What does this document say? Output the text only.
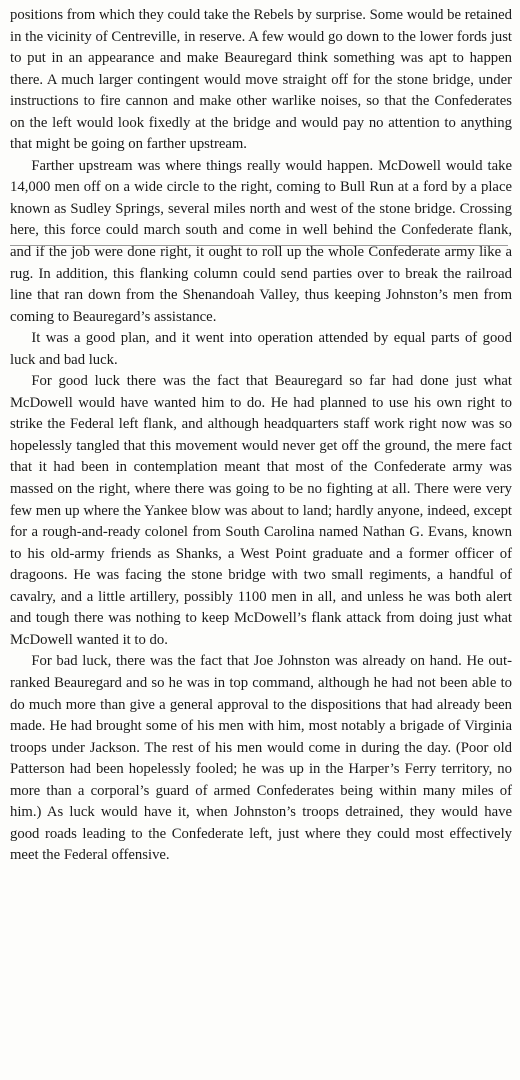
positions from which they could take the Rebels by surprise. Some would be retained in the vicinity of Centreville, in reserve. A few would go down to the lower fords just to put in an appearance and make Beauregard think something was apt to happen there. A much larger contingent would move straight off for the stone bridge, under instructions to fire cannon and make other warlike noises, so that the Confederates on the left would look fixedly at the bridge and would pay no attention to anything that might be going on farther upstream.

Farther upstream was where things really would happen. McDowell would take 14,000 men off on a wide circle to the right, coming to Bull Run at a ford by a place known as Sudley Springs, several miles north and west of the stone bridge. Crossing here, this force could march south and come in well behind the Confederate flank, and if the job were done right, it ought to roll up the whole Confederate army like a rug. In addition, this flanking column could send parties over to break the railroad line that ran down from the Shenandoah Valley, thus keeping Johnston’s men from coming to Beauregard’s assistance.

It was a good plan, and it went into operation attended by equal parts of good luck and bad luck.

For good luck there was the fact that Beauregard so far had done just what McDowell would have wanted him to do. He had planned to use his own right to strike the Federal left flank, and although headquarters staff work right now was so hopelessly tangled that this movement would never get off the ground, the mere fact that it had been in contemplation meant that most of the Confederate army was massed on the right, where there was going to be no fighting at all. There were very few men up where the Yankee blow was about to land; hardly anyone, indeed, except for a rough-and-ready colonel from South Carolina named Nathan G. Evans, known to his old-army friends as Shanks, a West Point graduate and a former officer of dragoons. He was facing the stone bridge with two small regiments, a handful of cavalry, and a little artillery, possibly 1100 men in all, and unless he was both alert and tough there was nothing to keep McDowell’s flank attack from doing just what McDowell wanted it to do.

For bad luck, there was the fact that Joe Johnston was already on hand. He out-ranked Beauregard and so he was in top command, although he had not been able to do much more than give a general approval to the dispositions that had already been made. He had brought some of his men with him, most notably a brigade of Virginia troops under Jackson. The rest of his men would come in during the day. (Poor old Patterson had been hopelessly fooled; he was up in the Harper’s Ferry territory, no more than a corporal’s guard of armed Confederates being within many miles of him.) As luck would have it, when Johnston’s troops detrained, they would have good roads leading to the Confederate left, just where they could most effectively meet the Federal offensive.
